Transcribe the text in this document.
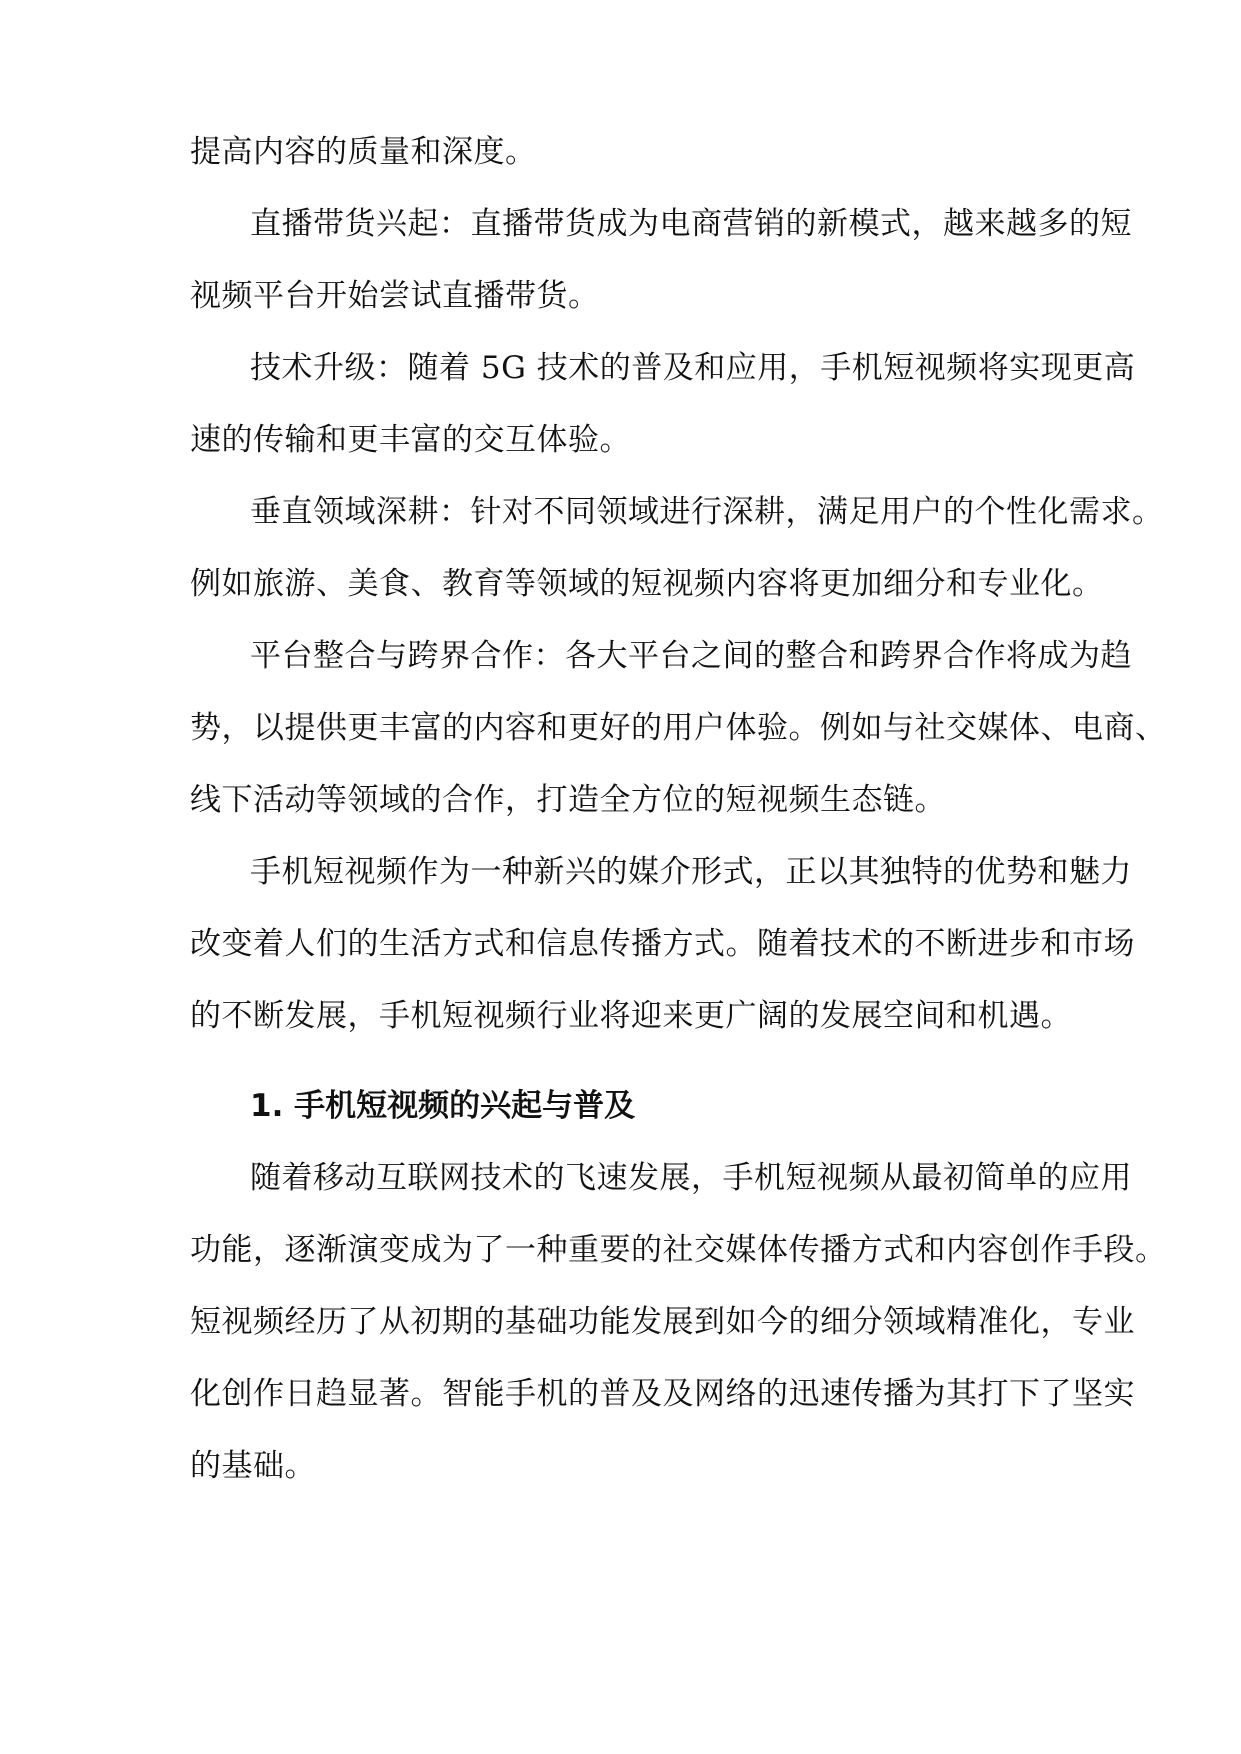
提高内容的质量和深度。
直播带货兴起：直播带货成为电商营销的新模式，越来越多的短
视频平台开始尝试直播带货。
技术升级：随着 5G 技术的普及和应用，手机短视频将实现更高
速的传输和更丰富的交互体验。
垂直领域深耕：针对不同领域进行深耕，满足用户的个性化需求。
例如旅游、美食、教育等领域的短视频内容将更加细分和专业化。
平台整合与跨界合作：各大平台之间的整合和跨界合作将成为趋
势，以提供更丰富的内容和更好的用户体验。例如与社交媒体、电商、
线下活动等领域的合作，打造全方位的短视频生态链。
手机短视频作为一种新兴的媒介形式，正以其独特的优势和魅力
改变着人们的生活方式和信息传播方式。随着技术的不断进步和市场
的不断发展，手机短视频行业将迎来更广阔的发展空间和机遇。
1. 手机短视频的兴起与普及
随着移动互联网技术的飞速发展，手机短视频从最初简单的应用
功能，逐渐演变成为了一种重要的社交媒体传播方式和内容创作手段。
短视频经历了从初期的基础功能发展到如今的细分领域精准化，专业
化创作日趋显著。智能手机的普及及网络的迅速传播为其打下了坚实
的基础。
